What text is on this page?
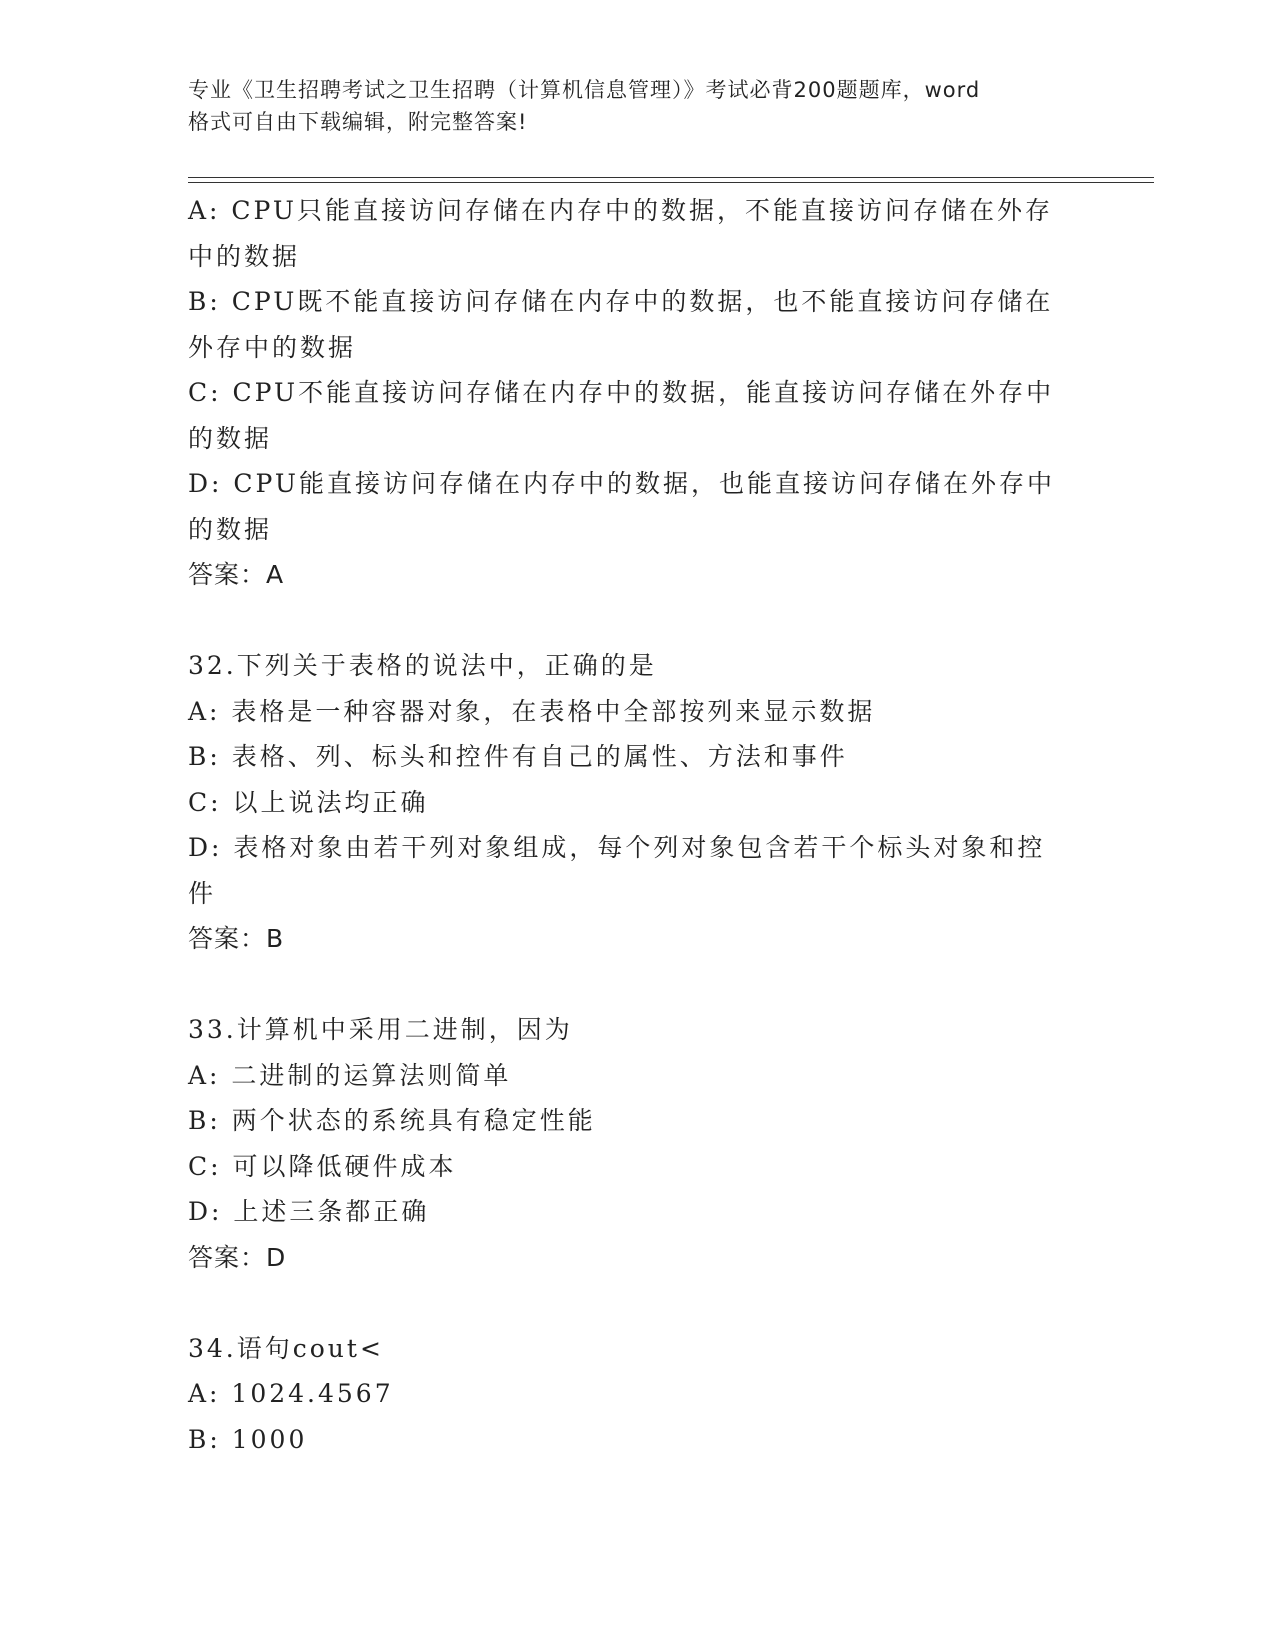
专业《卫生招聘考试之卫生招聘（计算机信息管理）》考试必背200题题库，word
格式可自由下载编辑，附完整答案!

A: CPU只能直接访问存储在内存中的数据，不能直接访问存储在外存

中的数据

B: CPU既不能直接访问存储在内存中的数据，也不能直接访问存储在

外存中的数据

C: CPU不能直接访问存储在内存中的数据，能直接访问存储在外存中

的数据

D: CPU能直接访问存储在内存中的数据，也能直接访问存储在外存中

的数据

答案：A

32.下列关于表格的说法中，正确的是

A: 表格是一种容器对象，在表格中全部按列来显示数据

B: 表格、列、标头和控件有自己的属性、方法和事件

C: 以上说法均正确

D: 表格对象由若干列对象组成，每个列对象包含若干个标头对象和控

件

答案：B

33.计算机中采用二进制，因为

A: 二进制的运算法则简单

B: 两个状态的系统具有稳定性能

C: 可以降低硬件成本

D: 上述三条都正确

答案：D

34.语句cout<

A: 1024.4567

B: 1000
